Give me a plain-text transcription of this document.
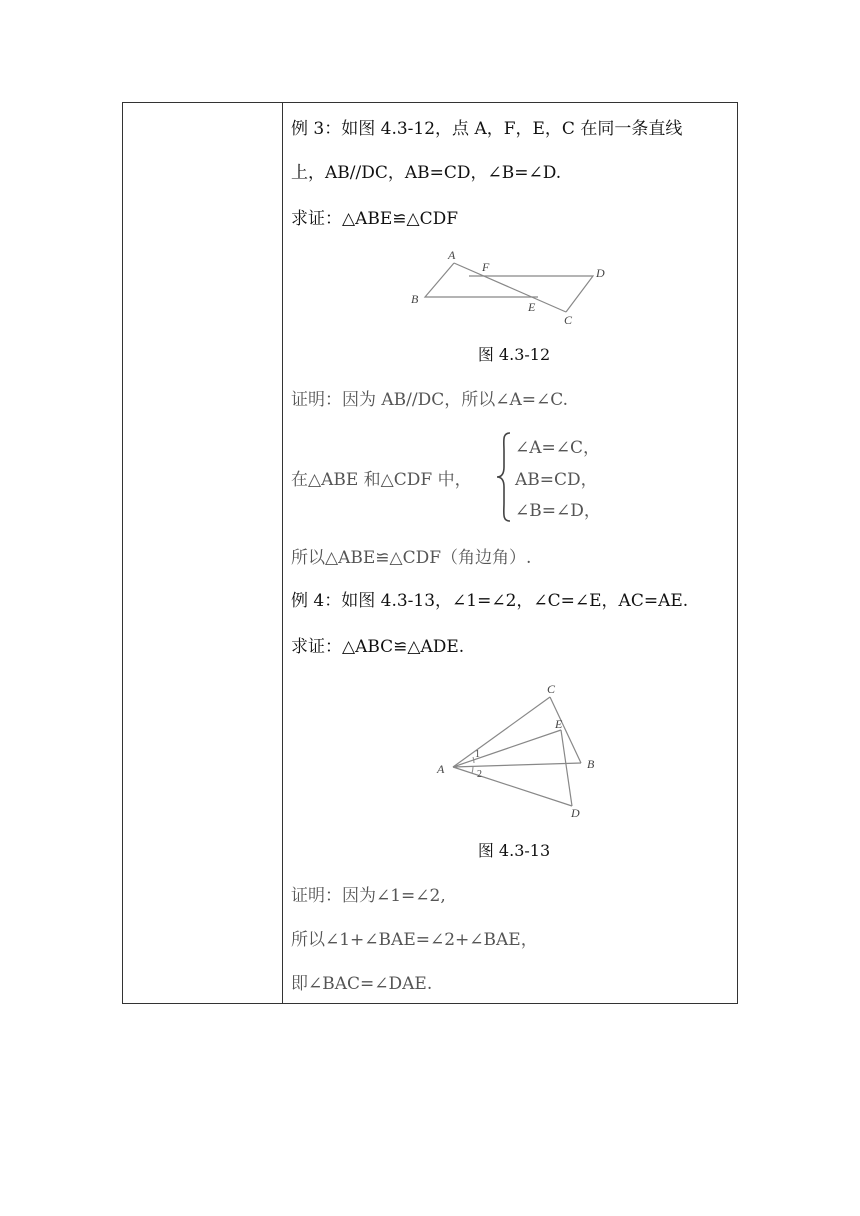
例 3：如图 4.3-12，点 A，F，E，C 在同一条直线
上，AB//DC，AB=CD，∠B=∠D.
求证：△ABE≌△CDF
A
F	D
B
E
C
图 4.3-12
证明：因为 AB//DC，所以∠A=∠C.
在△ABE 和△CDF 中，
∠A=∠C，
AB=CD，
∠B=∠D，
所以△ABE≌△CDF（角边角）.
例 4：如图 4.3-13，∠1=∠2，∠C=∠E，AC=AE.
求证：△ABC≌△ADE.
C
E
1
A	2
B
D
图 4.3-13
证明：因为∠1=∠2,
所以∠1+∠BAE=∠2+∠BAE，
即∠BAC=∠DAE.
